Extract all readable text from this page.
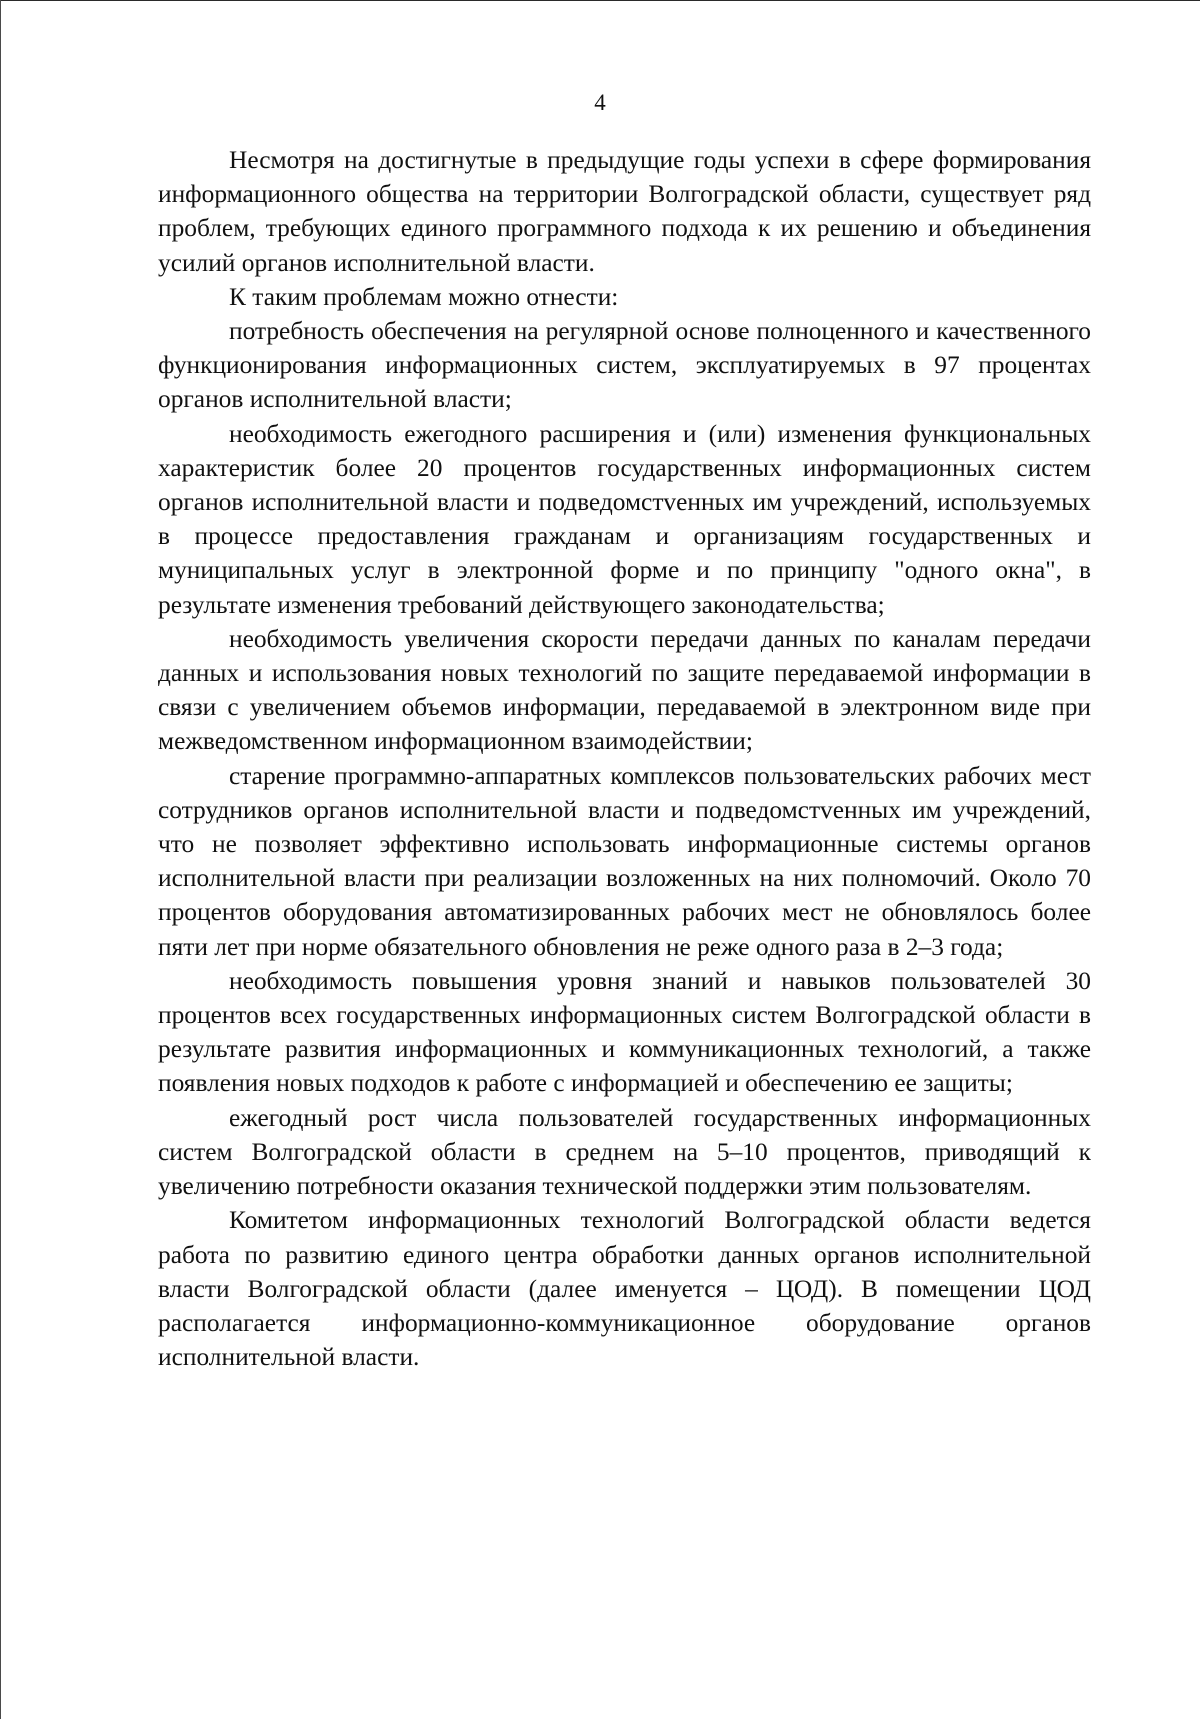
4

Несмотря на достигнутые в предыдущие годы успехи в сфере формирования информационного общества на территории Волгоградской области, существует ряд проблем, требующих единого программного подхода к их решению и объединения усилий органов исполнительной власти.

К таким проблемам можно отнести:

потребность обеспечения на регулярной основе полноценного и качественного функционирования информационных систем, эксплуатируемых в 97 процентах органов исполнительной власти;

необходимость ежегодного расширения и (или) изменения функциональных характеристик более 20 процентов государственных информационных систем органов исполнительной власти и подведомстvенных им учреждений, используемых в процессе предоставления гражданам и организациям государственных и муниципальных услуг в электронной форме и по принципу "одного окна", в результате изменения требований действующего законодательства;

необходимость увеличения скорости передачи данных по каналам передачи данных и использования новых технологий по защите передаваемой информации в связи с увеличением объемов информации, передаваемой в электронном виде при межведомственном информационном взаимодействии;

старение программно-аппаратных комплексов пользовательских рабочих мест сотрудников органов исполнительной власти и подведомстvенных им учреждений, что не позволяет эффективно использовать информационные системы органов исполнительной власти при реализации возложенных на них полномочий. Около 70 процентов оборудования автоматизированных рабочих мест не обновлялось более пяти лет при норме обязательного обновления не реже одного раза в 2–3 года;

необходимость повышения уровня знаний и навыков пользователей 30 процентов всех государственных информационных систем Волгоградской области в результате развития информационных и коммуникационных технологий, а также появления новых подходов к работе с информацией и обеспечению ее защиты;

ежегодный рост числа пользователей государственных информационных систем Волгоградской области в среднем на 5–10 процентов, приводящий к увеличению потребности оказания технической поддержки этим пользователям.

Комитетом информационных технологий Волгоградской области ведется работа по развитию единого центра обработки данных органов исполнительной власти Волгоградской области (далее именуется – ЦОД). В помещении ЦОД располагается информационно-коммуникационное оборудование органов исполнительной власти.
